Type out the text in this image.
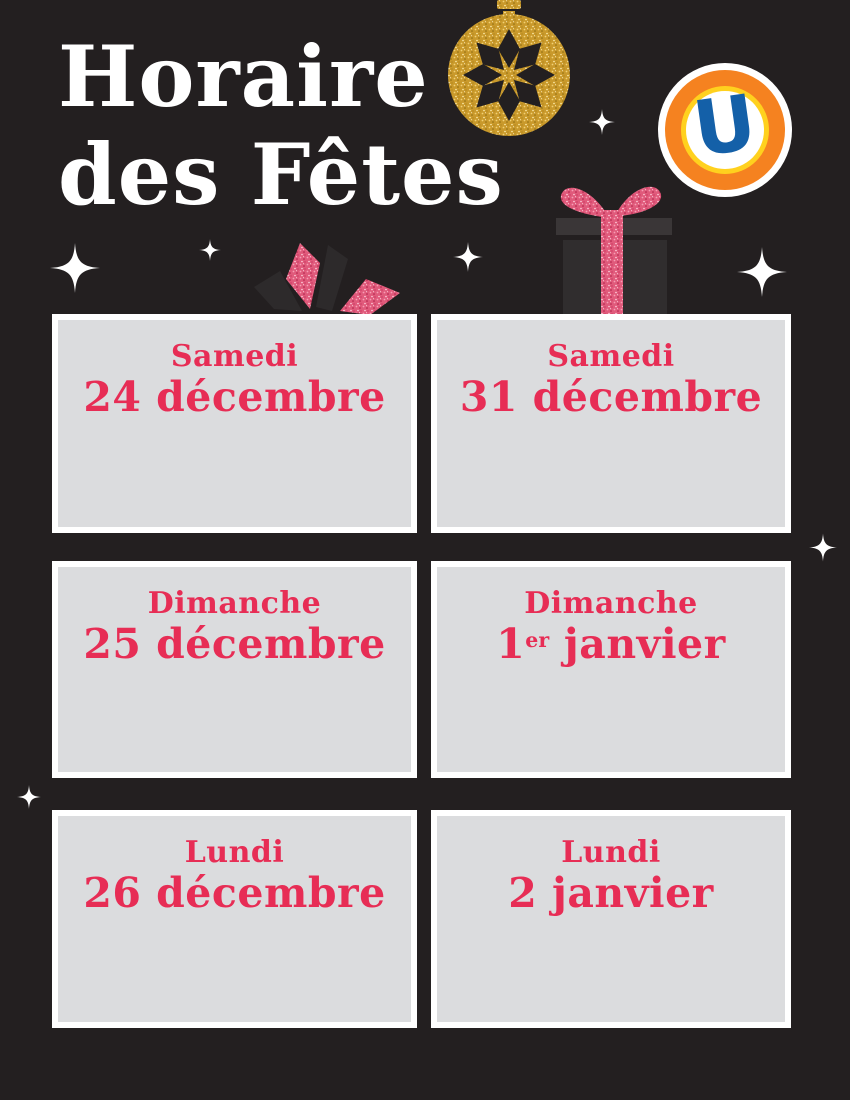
Horaire
des Fêtes U
Samedi
24 décembre
Samedi
31 décembre
Dimanche
25 décembre
Dimanche
1er janvier
Lundi
26 décembre
Lundi
2 janvier
